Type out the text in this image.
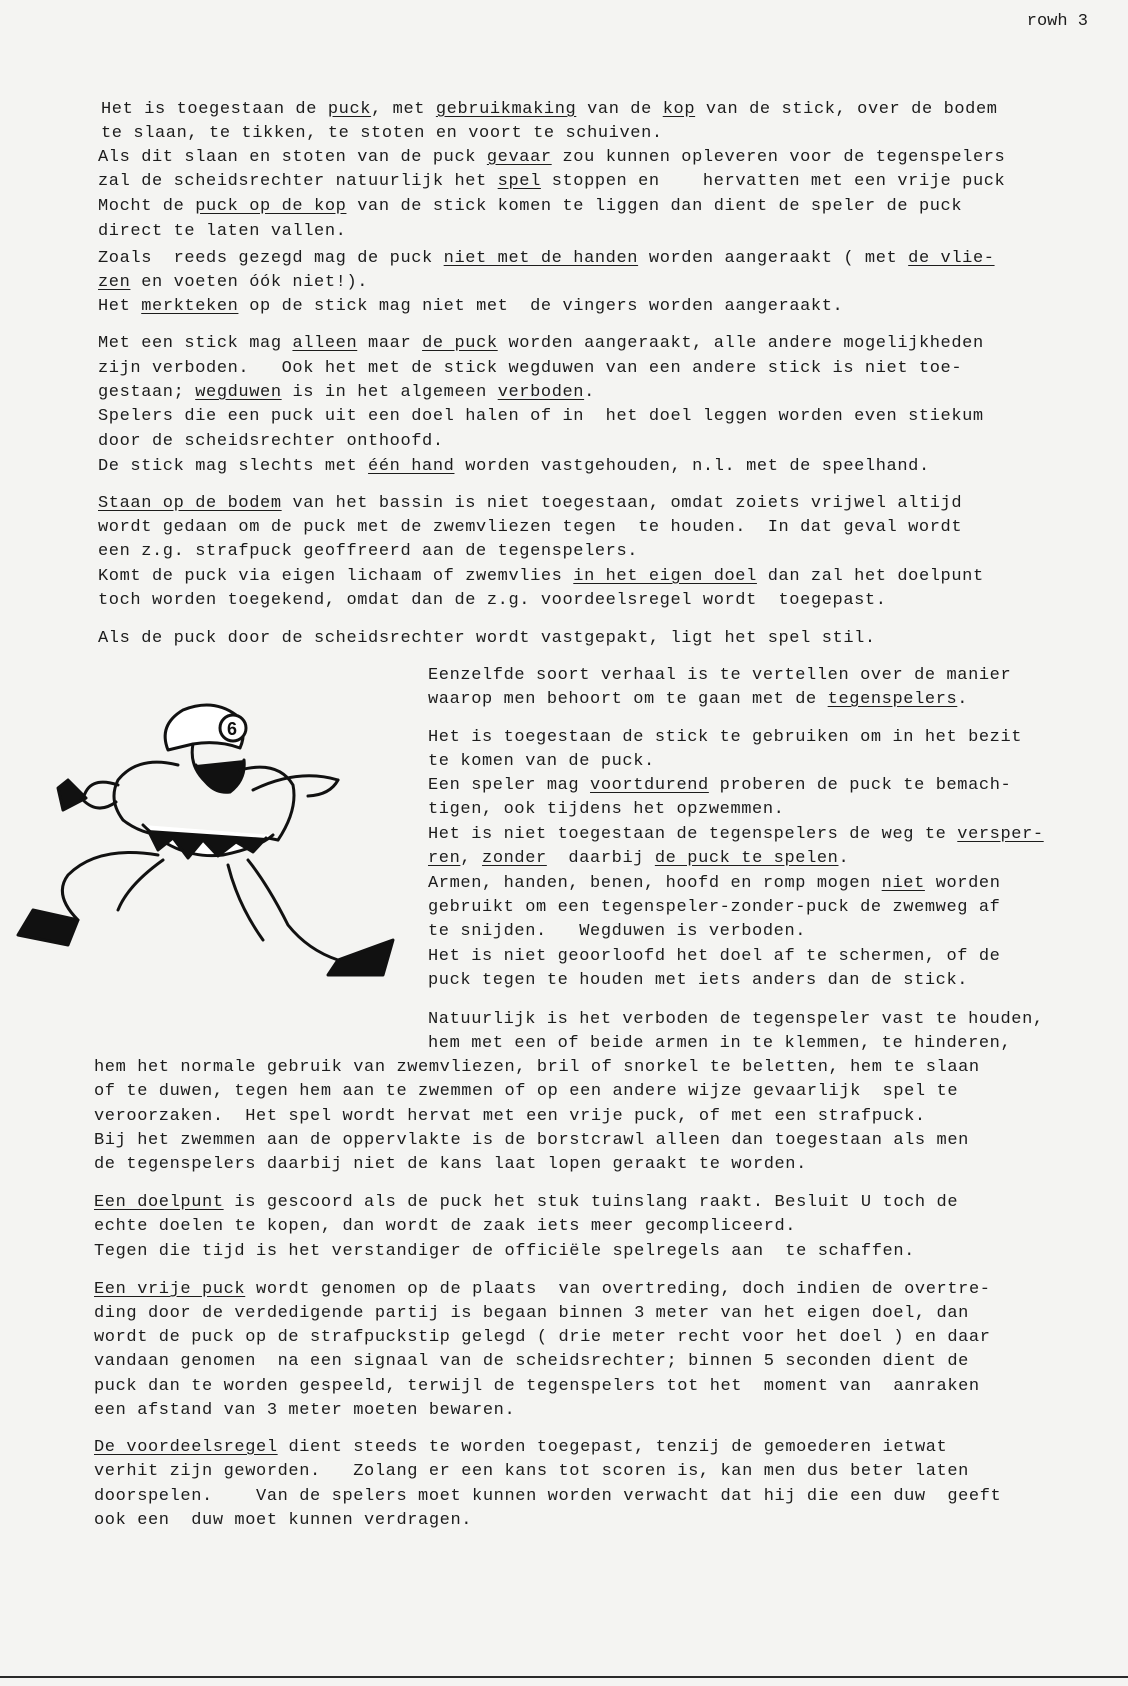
rowh 3
Het is toegestaan de puck, met gebruikmaking van de kop van de stick, over de bodem
te slaan, te tikken, te stoten en voort te schuiven.
Als dit slaan en stoten van de puck gevaar zou kunnen opleveren voor de tegenspelers
zal de scheidsrechter natuurlijk het spel stoppen en    hervatten met een vrije puck
Mocht de puck op de kop van de stick komen te liggen dan dient de speler de puck
direct te laten vallen.
Zoals  reeds gezegd mag de puck niet met de handen worden aangeraakt ( met de vlie-
zen en voeten óók niet!).
Het merkteken op de stick mag niet met  de vingers worden aangeraakt.
Met een stick mag alleen maar de puck worden aangeraakt, alle andere mogelijkheden
zijn verboden.   Ook het met de stick wegduwen van een andere stick is niet toe-
gestaan; wegduwen is in het algemeen verboden.
Spelers die een puck uit een doel halen of in  het doel leggen worden even stiekum
door de scheidsrechter onthoofd.
De stick mag slechts met één hand worden vastgehouden, n.l. met de speelhand.
Staan op de bodem van het bassin is niet toegestaan, omdat zoiets vrijwel altijd
wordt gedaan om de puck met de zwemvliezen tegen  te houden.  In dat geval wordt
een z.g. strafpuck geoffreerd aan de tegenspelers.
Komt de puck via eigen lichaam of zwemvlies in het eigen doel dan zal het doelpunt
toch worden toegekend, omdat dan de z.g. voordeelsregel wordt  toegepast.
Als de puck door de scheidsrechter wordt vastgepakt, ligt het spel stil.
Eenzelfde soort verhaal is te vertellen over de manier
waarop men behoort om te gaan met de tegenspelers.
Het is toegestaan de stick te gebruiken om in het bezit
te komen van de puck.
Een speler mag voortdurend proberen de puck te bemach-
tigen, ook tijdens het opzwemmen.
Het is niet toegestaan de tegenspelers de weg te versper-
ren, zonder  daarbij de puck te spelen.
Armen, handen, benen, hoofd en romp mogen niet worden
gebruikt om een tegenspeler-zonder-puck de zwemweg af
te snijden.   Wegduwen is verboden.
Het is niet geoorloofd het doel af te schermen, of de
puck tegen te houden met iets anders dan de stick.
Natuurlijk is het verboden de tegenspeler vast te houden,
hem met een of beide armen in te klemmen, te hinderen,
hem het normale gebruik van zwemvliezen, bril of snorkel te beletten, hem te slaan
of te duwen, tegen hem aan te zwemmen of op een andere wijze gevaarlijk  spel te
veroorzaken.  Het spel wordt hervat met een vrije puck, of met een strafpuck.
Bij het zwemmen aan de oppervlakte is de borstcrawl alleen dan toegestaan als men
de tegenspelers daarbij niet de kans laat lopen geraakt te worden.
Een doelpunt is gescoord als de puck het stuk tuinslang raakt. Besluit U toch de
echte doelen te kopen, dan wordt de zaak iets meer gecompliceerd.
Tegen die tijd is het verstandiger de officiële spelregels aan  te schaffen.
Een vrije puck wordt genomen op de plaats  van overtreding, doch indien de overtre-
ding door de verdedigende partij is begaan binnen 3 meter van het eigen doel, dan
wordt de puck op de strafpuckstip gelegd ( drie meter recht voor het doel ) en daar
vandaan genomen  na een signaal van de scheidsrechter; binnen 5 seconden dient de
puck dan te worden gespeeld, terwijl de tegenspelers tot het  moment van  aanraken
een afstand van 3 meter moeten bewaren.
De voordeelsregel dient steeds te worden toegepast, tenzij de gemoederen ietwat
verhit zijn geworden.   Zolang er een kans tot scoren is, kan men dus beter laten
doorspelen.    Van de spelers moet kunnen worden verwacht dat hij die een duw  geeft
ook een  duw moet kunnen verdragen.
6
